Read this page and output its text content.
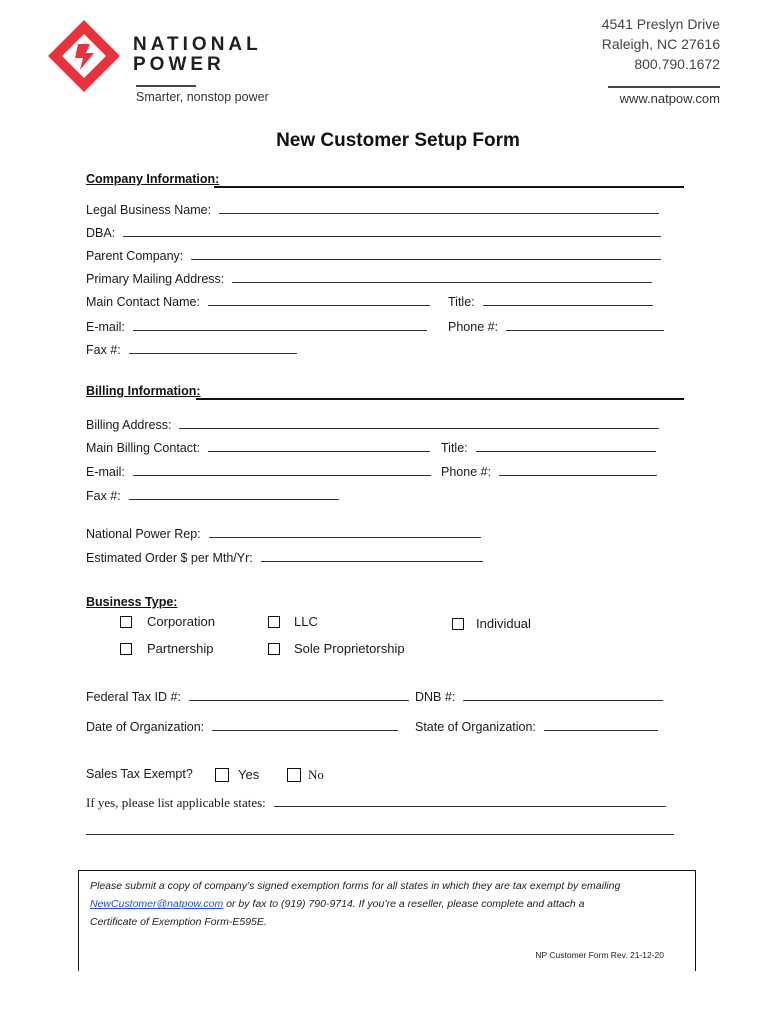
NATIONAL
POWER
Smarter, nonstop power
4541 Preslyn Drive
Raleigh, NC 27616
800.790.1672
www.natpow.com
New Customer Setup Form
Company Information:
Legal Business Name:
DBA:
Parent Company:
Primary Mailing Address:
Main Contact Name:	Title:
E-mail:	Phone #:
Fax #:
Billing Information:
Billing Address:
Main Billing Contact:	Title:
E-mail:	Phone #:
Fax #:
National Power Rep:
Estimated Order $ per Mth/Yr:
Business Type:
Corporation	LLC	Individual
Partnership	Sole Proprietorship
Federal Tax ID #:	DNB #:
Date of Organization:	State of Organization:
Sales Tax Exempt?	Yes	No
If yes, please list applicable states:
Please submit a copy of company’s signed exemption forms for all states in which they are tax exempt by emailing
NewCustomer@natpow.com or by fax to (919) 790-9714. If you’re a reseller, please complete and attach a
Certificate of Exemption Form-E595E.
NP Customer Form Rev. 21-12-20
